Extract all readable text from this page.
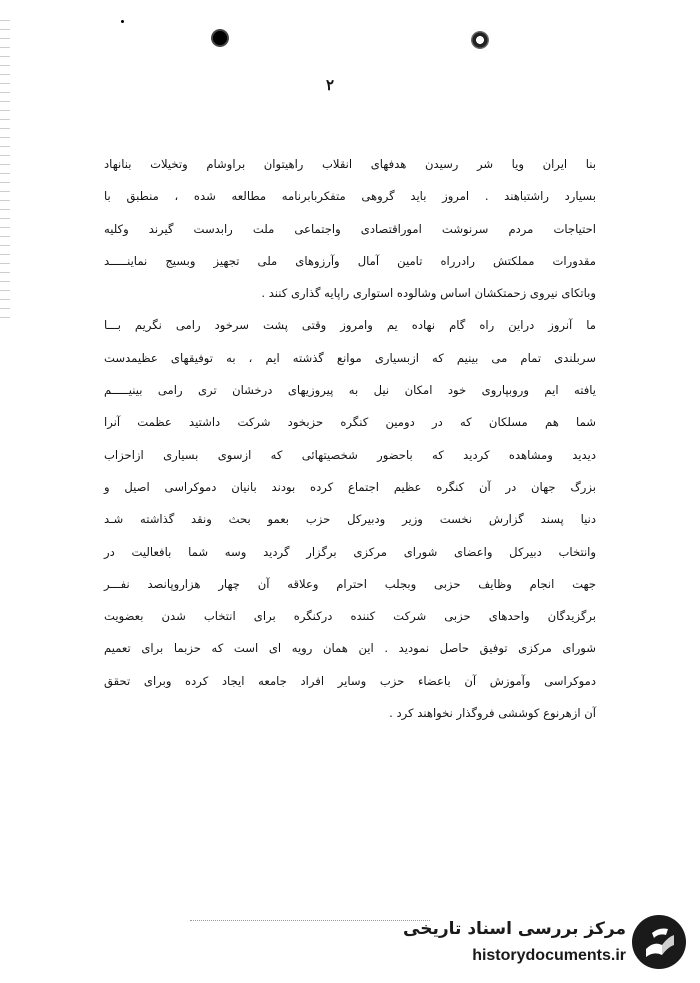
٢
بنا ایران ویا شر رسیدن هدفهای انقلاب راهیتوان براوشام وتخیلات بنانهاد
بسیارد راشتباهند . امروز باید گروهی متفکربابرنامه مطالعه شده ، منطبق با
احتیاجات مردم سرنوشت اموراقتصادی واجتماعی ملت رابدست گیرند وکلیه
مقدورات مملکتش رادرراه تامین آمال وآرزوهای ملی تجهیز وبسیج نماینـــــد
وباتکای نیروی زحمتکشان اساس وشالوده استواری راپایه گذاری کنند .
ما آنروز دراین راه گام نهاده یم وامروز وقتی پشت سرخود رامی نگریم بـــا
سربلندی تمام می بینیم که ازبسیاری موانع گذشته ایم ، به توفیقهای عظیمدست
یافته ایم وروبپاروی خود امکان نیل به پیروزیهای درخشان تری رامی بینیـــــم
شما هم مسلکان که در دومین کنگره حزبخود شرکت داشتید عظمت آنرا
دیدید ومشاهده کردید که باحضور شخصیتهائی که ازسوی بسیاری ازاحزاب
بزرگ جهان در آن کنگره عظیم اجتماع کرده بودند بانیان دموکراسی اصیل و
دنیا پسند گزارش نخست وزیر ودبیرکل حزب بعمو بحث ونقد گذاشته شـد
وانتخاب دبیرکل واعضای شورای مرکزی برگزار گردید وسه شما بافعالیت در
جهت انجام وظایف حزبی وبجلب احترام وعلاقه آن چهار هزاروپانصد نفـــر
برگزیدگان واحدهای حزبی شرکت کننده درکنگره برای انتخاب شدن بعضویت
شورای مرکزی توفیق حاصل نمودید . این همان رویه ای است که حزبما برای تعمیم
دموکراسی وآموزش آن باعضاء حزب وسایر افراد جامعه ایجاد کرده وبرای تحقق
آن ازهرنوع کوششی فروگذار نخواهند کرد .
مرکز بررسی اسناد تاریخی
historydocuments.ir
